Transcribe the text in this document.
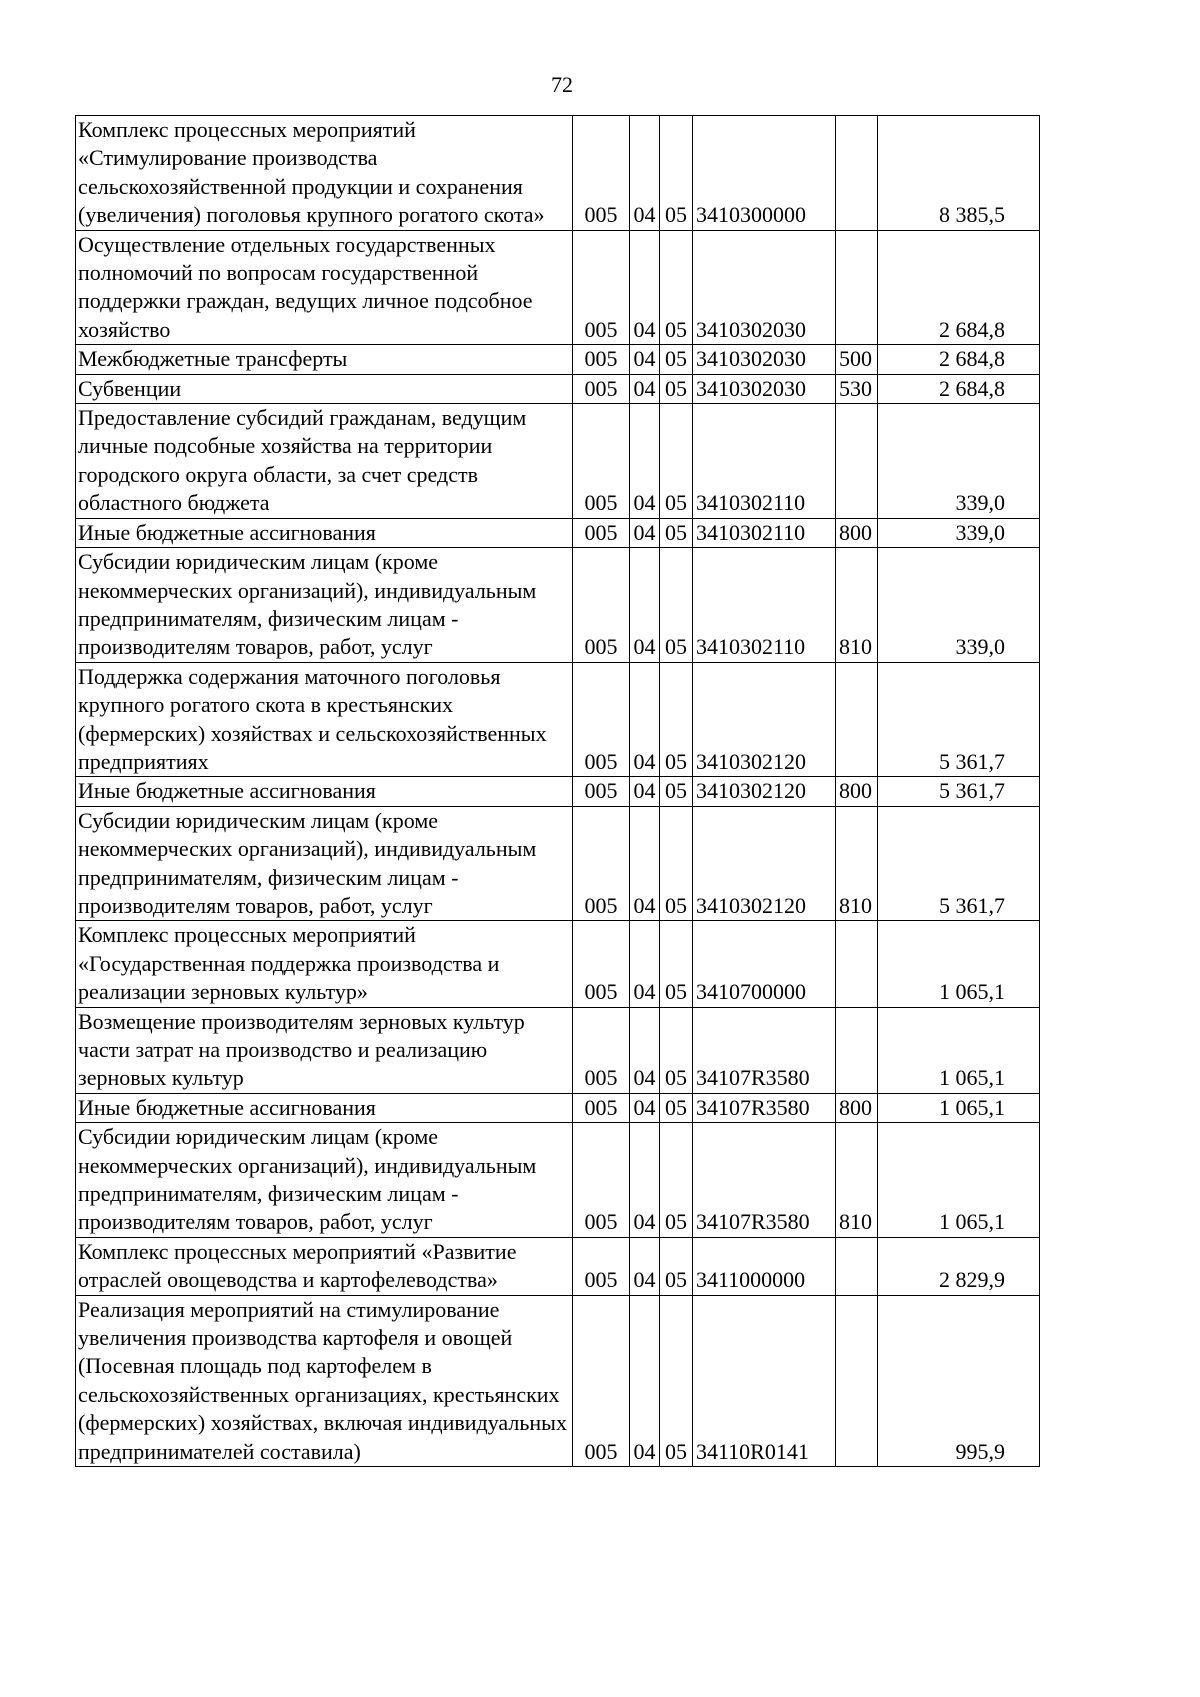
72
Комплекс процессных мероприятий «Стимулирование производства сельскохозяйственной продукции и сохранения (увеличения) поголовья крупного рогатого скота»	005	04	05	3410300000		8 385,5
Осуществление отдельных государственных полномочий по вопросам государственной поддержки граждан, ведущих личное подсобное хозяйство	005	04	05	3410302030		2 684,8
Межбюджетные трансферты	005	04	05	3410302030	500	2 684,8
Субвенции	005	04	05	3410302030	530	2 684,8
Предоставление субсидий гражданам, ведущим личные подсобные хозяйства на территории городского округа области, за счет средств областного бюджета	005	04	05	3410302110		339,0
Иные бюджетные ассигнования	005	04	05	3410302110	800	339,0
Субсидии юридическим лицам (кроме некоммерческих организаций), индивидуальным предпринимателям, физическим лицам - производителям товаров, работ, услуг	005	04	05	3410302110	810	339,0
Поддержка содержания маточного поголовья крупного рогатого скота в крестьянских (фермерских) хозяйствах и сельскохозяйственных предприятиях	005	04	05	3410302120		5 361,7
Иные бюджетные ассигнования	005	04	05	3410302120	800	5 361,7
Субсидии юридическим лицам (кроме некоммерческих организаций), индивидуальным предпринимателям, физическим лицам - производителям товаров, работ, услуг	005	04	05	3410302120	810	5 361,7
Комплекс процессных мероприятий «Государственная поддержка производства и реализации зерновых культур»	005	04	05	3410700000		1 065,1
Возмещение производителям зерновых культур части затрат на производство и реализацию зерновых культур	005	04	05	34107R3580		1 065,1
Иные бюджетные ассигнования	005	04	05	34107R3580	800	1 065,1
Субсидии юридическим лицам (кроме некоммерческих организаций), индивидуальным предпринимателям, физическим лицам - производителям товаров, работ, услуг	005	04	05	34107R3580	810	1 065,1
Комплекс процессных мероприятий «Развитие отраслей овощеводства и картофелеводства»	005	04	05	3411000000		2 829,9
Реализация мероприятий на стимулирование увеличения производства картофеля и овощей (Посевная площадь под картофелем в сельскохозяйственных организациях, крестьянских (фермерских) хозяйствах, включая индивидуальных предпринимателей составила)	005	04	05	34110R0141		995,9
